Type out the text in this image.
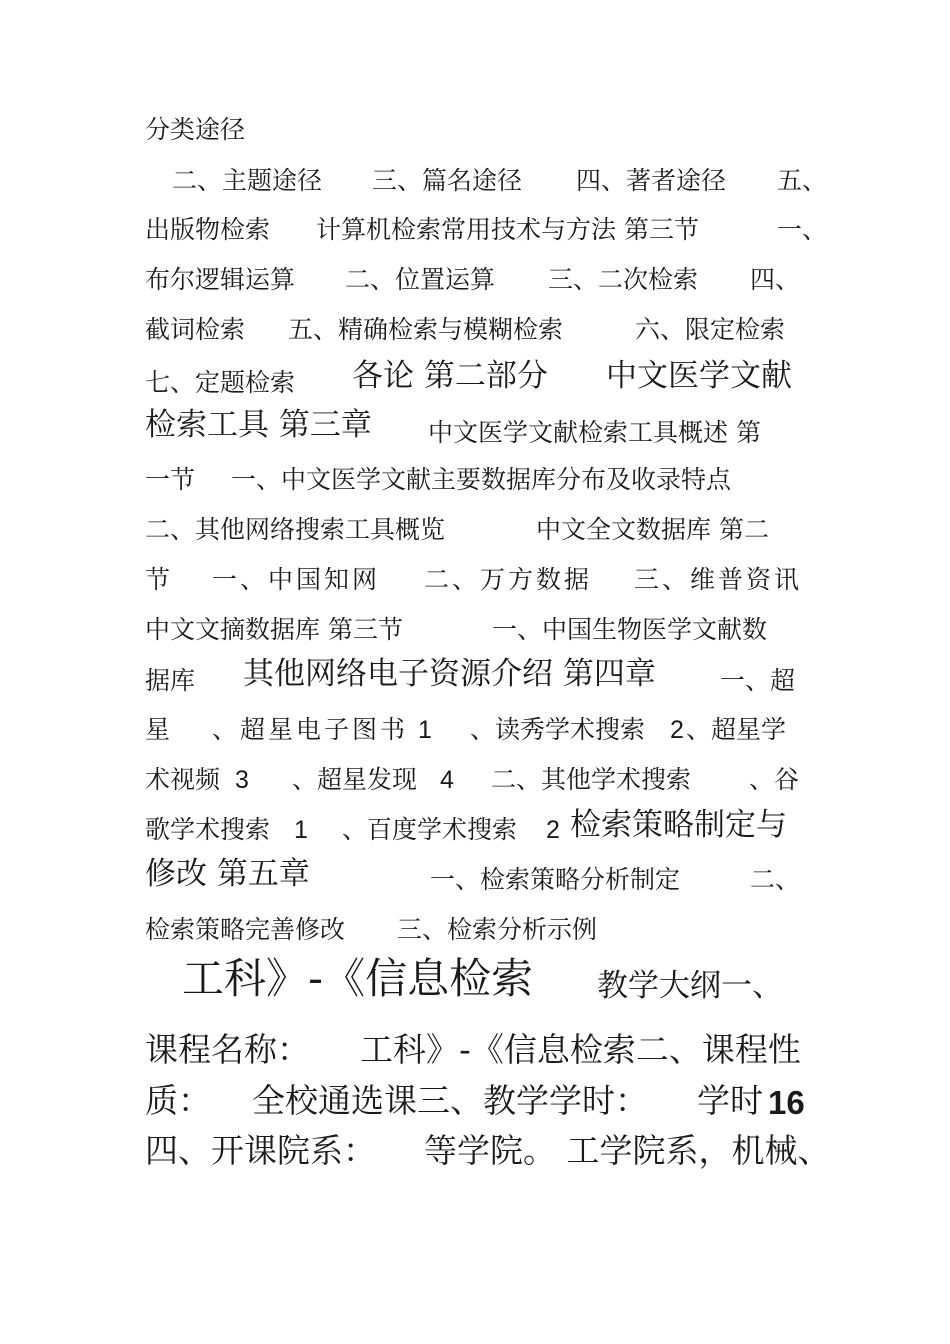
分类途径
二、主题途径 三、篇名途径 四、著者途径 五、
出版物检索 计算机检索常用技术与方法 第三节	一、
布尔逻辑运算 二、位置运算 三、二次检索 四、
截词检索 五、精确检索与模糊检索	六、限定检索
七、定题检索 各论 第二部分 中文医学文献
检索工具 第三章 中文医学文献检索工具概述 第
一节 一、中文医学文献主要数据库分布及收录特点
二、其他网络搜索工具概览	中文全文数据库 第二
节 一、中国知网 二、万方数据 三、维普资讯
中文文摘数据库 第三节	一、中国生物医学文献数
据库 其他网络电子资源介绍 第四章	一、超
星 、超星电子图书 1 、读秀学术搜索 2 、超星学
术视频 3 、超星发现 4 二、其他学术搜索 、谷
歌学术搜索 1 、百度学术搜索 2 检索策略制定与
修改 第五章	一、检索策略分析制定	二、
检索策略完善修改 三、检索分析示例
工科》-《信息检索 教学大纲一、
课程名称： 工科》-《信息检索二、课程性
质： 全校通选课三、教学学时： 学时 16
四、开课院系： 等学院。 工学院系，机械、
